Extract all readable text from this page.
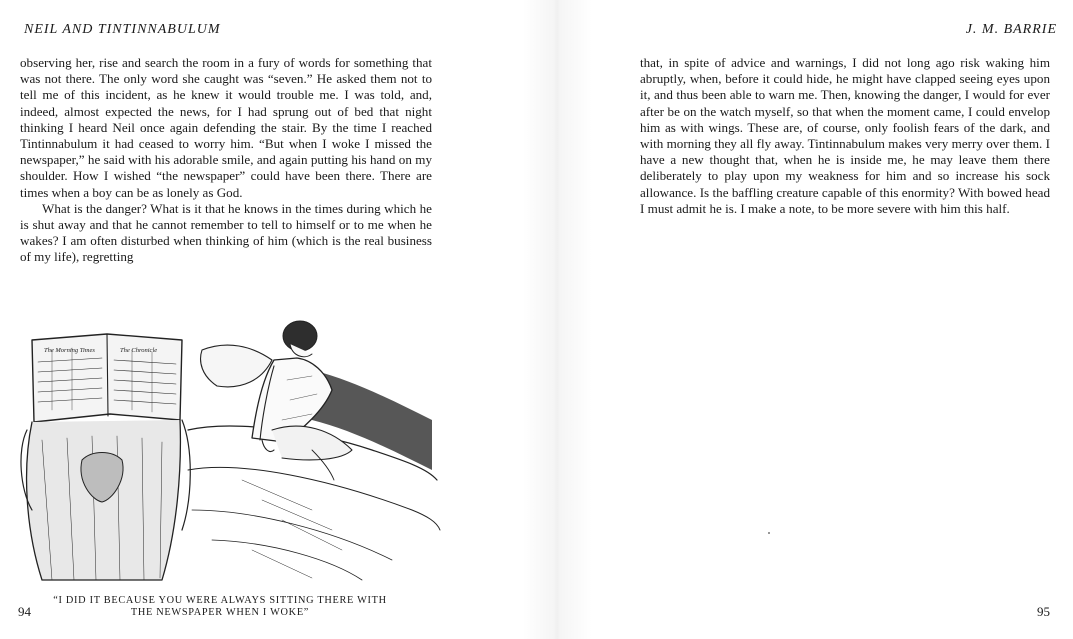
NEIL AND TINTINNABULUM	J. M. BARRIE

observing her, rise and search the room in a fury of words for something that was not there. The only word she caught was “seven.” He asked them not to tell me of this incident, as he knew it would trouble me. I was told, and, indeed, almost expected the news, for I had sprung out of bed that night thinking I heard Neil once again defending the stair. By the time I reached Tintinnabulum it had ceased to worry him. “But when I woke I missed the newspaper,” he said with his adorable smile, and again putting his hand on my shoulder. How I wished “the newspaper” could have been there. There are times when a boy can be as lonely as God.

What is the danger? What is it that he knows in the times during which he is shut away and that he cannot remember to tell to himself or to me when he wakes? I am often disturbed when thinking of him (which is the real business of my life), regretting

The Morning Times	The Chronicle
“I DID IT BECAUSE YOU WERE ALWAYS SITTING THERE WITH
THE NEWSPAPER WHEN I WOKE”
94

that, in spite of advice and warnings, I did not long ago risk waking him abruptly, when, before it could hide, he might have clapped seeing eyes upon it, and thus been able to warn me. Then, knowing the danger, I would for ever after be on the watch myself, so that when the moment came, I could envelop him as with wings. These are, of course, only foolish fears of the dark, and with morning they all fly away. Tintinnabulum makes very merry over them. I have a new thought that, when he is inside me, he may leave them there deliberately to play upon my weakness for him and so increase his sock allowance. Is the baffling creature capable of this enormity? With bowed head I must admit he is. I make a note, to be more severe with him this half.

95
